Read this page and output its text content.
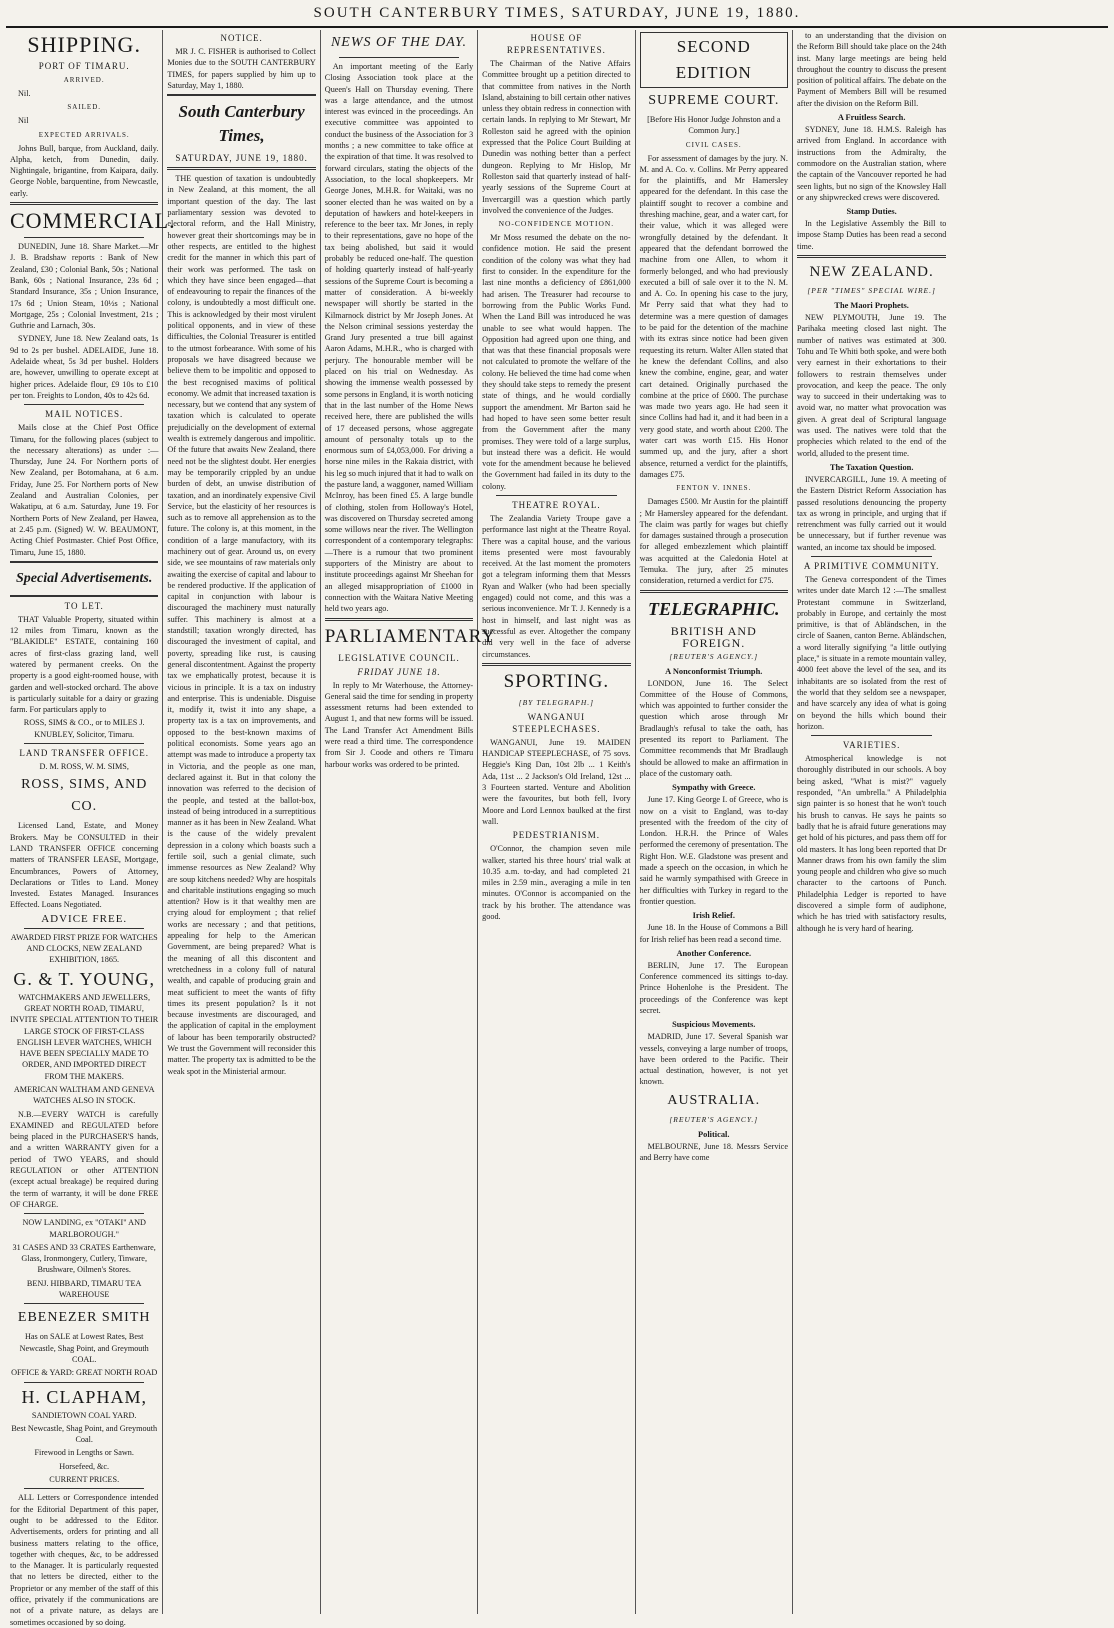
SOUTH CANTERBURY TIMES, SATURDAY, JUNE 19, 1880.
SHIPPING.
PORT OF TIMARU.
ARRIVED.

Nil.

SAILED.

Nil

EXPECTED ARRIVALS.

Johns Bull, barque, from Auckland, daily. Alpha, ketch, from Dunedin, daily. Nightingale, brigantine, from Kaipara, daily. George Noble, barquentine, from Newcastle, early.

COMMERCIAL.

DUNEDIN, June 18. Share Market.—Mr J. B. Bradshaw reports : Bank of New Zealand, £30 ; Colonial Bank, 50s ; National Bank, 60s ; National Insurance, 23s 6d ; Standard Insurance, 35s ; Union Insurance, 17s 6d ; Union Steam, 10½s ; National Mortgage, 25s ; Colonial Investment, 21s ; Guthrie and Larnach, 30s.

SYDNEY, June 18. New Zealand oats, 1s 9d to 2s per bushel. ADELAIDE, June 18. Adelaide wheat, 5s 3d per bushel. Holders are, however, unwilling to operate except at higher prices. Adelaide flour, £9 10s to £10 per ton. Freights to London, 40s to 42s 6d.

MAIL NOTICES.

Mails close at the Chief Post Office Timaru, for the following places (subject to the necessary alterations) as under :— Thursday, June 24. For Northern ports of New Zealand, per Botomahana, at 6 a.m. Friday, June 25. For Northern ports of New Zealand and Australian Colonies, per Wakatipu, at 6 a.m. Saturday, June 19. For Northern Ports of New Zealand, per Hawea, at 2.45 p.m. (Signed) W. W. BEAUMONT, Acting Chief Postmaster. Chief Post Office, Timaru, June 15, 1880.

Special Advertisements.
TO LET.

THAT Valuable Property, situated within 12 miles from Timaru, known as the "BLAKIDLE" ESTATE, containing 160 acres of first-class grazing land, well watered by permanent creeks. On the property is a good eight-roomed house, with garden and well-stocked orchard. The above is particularly suitable for a dairy or grazing farm. For particulars apply to

ROSS, SIMS & CO., or to MILES J. KNUBLEY, Solicitor, Timaru.

LAND TRANSFER OFFICE.

D. M. ROSS, W. M. SIMS,

ROSS, SIMS, AND CO.

Licensed Land, Estate, and Money Brokers. May be CONSULTED in their LAND TRANSFER OFFICE concerning matters of TRANSFER LEASE, Mortgage, Encumbrances, Powers of Attorney, Declarations or Titles to Land. Money Invested. Estates Managed. Insurances Effected. Loans Negotiated.

ADVICE FREE.

AWARDED FIRST PRIZE FOR WATCHES AND CLOCKS, NEW ZEALAND EXHIBITION, 1865.

G. & T. YOUNG,

WATCHMAKERS AND JEWELLERS, GREAT NORTH ROAD, TIMARU, INVITE SPECIAL ATTENTION TO THEIR LARGE STOCK OF FIRST-CLASS ENGLISH LEVER WATCHES, WHICH HAVE BEEN SPECIALLY MADE TO ORDER, AND IMPORTED DIRECT FROM THE MAKERS.

AMERICAN WALTHAM AND GENEVA WATCHES ALSO IN STOCK.

N.B.—EVERY WATCH is carefully EXAMINED and REGULATED before being placed in the PURCHASER'S hands, and a written WARRANTY given for a period of TWO YEARS, and should REGULATION or other ATTENTION (except actual breakage) be required during the term of warranty, it will be done FREE OF CHARGE.

NOW LANDING, ex "OTAKI" AND MARLBOROUGH."

31 CASES AND 33 CRATES Earthenware, Glass, Ironmongery, Cutlery, Tinware, Brushware, Oilmen's Stores.

BENJ. HIBBARD, TIMARU TEA WAREHOUSE

EBENEZER SMITH

Has on SALE at Lowest Rates, Best Newcastle, Shag Point, and Greymouth COAL.

OFFICE & YARD: GREAT NORTH ROAD

H. CLAPHAM,

SANDIETOWN COAL YARD.

Best Newcastle, Shag Point, and Greymouth Coal.

Firewood in Lengths or Sawn.

Horsefeed, &c.

CURRENT PRICES.

ALL Letters or Correspondence intended for the Editorial Department of this paper, ought to be addressed to the Editor. Advertisements, orders for printing and all business matters relating to the office, together with cheques, &c, to be addressed to the Manager. It is particularly requested that no letters be directed, either to the Proprietor or any member of the staff of this office, privately if the communications are not of a private nature, as delays are sometimes occasioned by so doing.

NOTICE.

MR J. C. FISHER is authorised to Collect Monies due to the SOUTH CANTERBURY TIMES, for papers supplied by him up to Saturday, May 1, 1880.

South Canterbury Times,
SATURDAY, JUNE 19, 1880.

THE question of taxation is undoubtedly in New Zealand, at this moment, the all important question of the day. The last parliamentary session was devoted to electoral reform, and the Hall Ministry, however great their shortcomings may be in other respects, are entitled to the highest credit for the manner in which this part of their work was performed. The task on which they have since been engaged—that of endeavouring to repair the finances of the colony, is undoubtedly a most difficult one. This is acknowledged by their most virulent political opponents, and in view of these difficulties, the Colonial Treasurer is entitled to the utmost forbearance. With some of his proposals we have disagreed because we believe them to be impolitic and opposed to the best recognised maxims of political economy. We admit that increased taxation is necessary, but we contend that any system of taxation which is calculated to operate prejudicially on the development of external wealth is extremely dangerous and impolitic. Of the future that awaits New Zealand, there need not be the slightest doubt. Her energies may be temporarily crippled by an undue burden of debt, an unwise distribution of taxation, and an inordinately expensive Civil Service, but the elasticity of her resources is such as to remove all apprehension as to the future. The colony is, at this moment, in the condition of a large manufactory, with its machinery out of gear. Around us, on every side, we see mountains of raw materials only awaiting the exercise of capital and labour to be rendered productive. If the application of capital in conjunction with labour is discouraged the machinery must naturally suffer. This machinery is almost at a standstill; taxation wrongly directed, has discouraged the investment of capital, and poverty, spreading like rust, is causing general discontentment. Against the property tax we emphatically protest, because it is vicious in principle. It is a tax on industry and enterprise. This is undeniable. Disguise it, modify it, twist it into any shape, a property tax is a tax on improvements, and opposed to the best-known maxims of political economists. Some years ago an attempt was made to introduce a property tax in Victoria, and the people as one man, declared against it. But in that colony the innovation was referred to the decision of the people, and tested at the ballot-box, instead of being introduced in a surreptitious manner as it has been in New Zealand. What is the cause of the widely prevalent depression in a colony which boasts such a fertile soil, such a genial climate, such immense resources as New Zealand? Why are soup kitchens needed? Why are hospitals and charitable institutions engaging so much attention? How is it that wealthy men are crying aloud for employment ; that relief works are necessary ; and that petitions, appealing for help to the American Government, are being prepared? What is the meaning of all this discontent and wretchedness in a colony full of natural wealth, and capable of producing grain and meat sufficient to meet the wants of fifty times its present population? Is it not because investments are discouraged, and the application of capital in the employment of labour has been temporarily obstructed? We trust the Government will reconsider this matter. The property tax is admitted to be the weak spot in the Ministerial armour.

NEWS OF THE DAY.

An important meeting of the Early Closing Association took place at the Queen's Hall on Thursday evening. There was a large attendance, and the utmost interest was evinced in the proceedings. An executive committee was appointed to conduct the business of the Association for 3 months ; a new committee to take office at the expiration of that time. It was resolved to forward circulars, stating the objects of the Association, to the local shopkeepers. Mr George Jones, M.H.R. for Waitaki, was no sooner elected than he was waited on by a deputation of hawkers and hotel-keepers in reference to the beer tax. Mr Jones, in reply to their representations, gave no hope of the tax being abolished, but said it would probably be reduced one-half. The question of holding quarterly instead of half-yearly sessions of the Supreme Court is becoming a matter of consideration. A bi-weekly newspaper will shortly be started in the Kilmarnock district by Mr Joseph Jones. At the Nelson criminal sessions yesterday the Grand Jury presented a true bill against Aaron Adams, M.H.R., who is charged with perjury. The honourable member will be placed on his trial on Wednesday. As showing the immense wealth possessed by some persons in England, it is worth noticing that in the last number of the Home News received here, there are published the wills of 17 deceased persons, whose aggregate amount of personalty totals up to the enormous sum of £4,053,000. For driving a horse nine miles in the Rakaia district, with his leg so much injured that it had to walk on the pasture land, a waggoner, named William McInroy, has been fined £5. A large bundle of clothing, stolen from Holloway's Hotel, was discovered on Thursday secreted among some willows near the river. The Wellington correspondent of a contemporary telegraphs:—There is a rumour that two prominent supporters of the Ministry are about to institute proceedings against Mr Sheehan for an alleged misappropriation of £1000 in connection with the Waitara Native Meeting held two years ago.

PARLIAMENTARY
LEGISLATIVE COUNCIL.
FRIDAY JUNE 18.

In reply to Mr Waterhouse, the Attorney-General said the time for sending in property assessment returns had been extended to August 1, and that new forms will be issued. The Land Transfer Act Amendment Bills were read a third time. The correspondence from Sir J. Coode and others re Timaru harbour works was ordered to be printed.

HOUSE OF REPRESENTATIVES.

The Chairman of the Native Affairs Committee brought up a petition directed to that committee from natives in the North Island, abstaining to bill certain other natives unless they obtain redress in connection with certain lands. In replying to Mr Stewart, Mr Rolleston said he agreed with the opinion expressed that the Police Court Building at Dunedin was nothing better than a perfect dungeon. Replying to Mr Hislop, Mr Rolleston said that quarterly instead of half-yearly sessions of the Supreme Court at Invercargill was a question which partly involved the convenience of the Judges.

NO-CONFIDENCE MOTION.

Mr Moss resumed the debate on the no-confidence motion. He said the present condition of the colony was what they had first to consider. In the expenditure for the last nine months a deficiency of £861,000 had arisen. The Treasurer had recourse to borrowing from the Public Works Fund. When the Land Bill was introduced he was unable to see what would happen. The Opposition had agreed upon one thing, and that was that these financial proposals were not calculated to promote the welfare of the colony. He believed the time had come when they should take steps to remedy the present state of things, and he would cordially support the amendment. Mr Barton said he had hoped to have seen some better result from the Government after the many promises. They were told of a large surplus, but instead there was a deficit. He would vote for the amendment because he believed the Government had failed in its duty to the colony.

THEATRE ROYAL.

The Zealandia Variety Troupe gave a performance last night at the Theatre Royal. There was a capital house, and the various items presented were most favourably received. At the last moment the promoters got a telegram informing them that Messrs Ryan and Walker (who had been specially engaged) could not come, and this was a serious inconvenience. Mr T. J. Kennedy is a host in himself, and last night was as successful as ever. Altogether the company did very well in the face of adverse circumstances.

SPORTING.
[BY TELEGRAPH.]
WANGANUI STEEPLECHASES.

WANGANUI, June 19. MAIDEN HANDICAP STEEPLECHASE, of 75 sovs. Heggie's King Dan, 10st 2lb ... 1 Keith's Ada, 11st ... 2 Jackson's Old Ireland, 12st ... 3 Fourteen started. Venture and Abolition were the favourites, but both fell, Ivory Moore and Lord Lennox baulked at the first wall.

PEDESTRIANISM.

O'Connor, the champion seven mile walker, started his three hours' trial walk at 10.35 a.m. to-day, and had completed 21 miles in 2.59 min., averaging a mile in ten minutes. O'Connor is accompanied on the track by his brother. The attendance was good.

SECOND EDITION
SUPREME COURT.

[Before His Honor Judge Johnston and a Common Jury.]

CIVIL CASES.

For assessment of damages by the jury. N. M. and A. Co. v. Collins. Mr Perry appeared for the plaintiffs, and Mr Hamersley appeared for the defendant. In this case the plaintiff sought to recover a combine and threshing machine, gear, and a water cart, for their value, which it was alleged were wrongfully detained by the defendant. It appeared that the defendant borrowed the machine from one Allen, to whom it formerly belonged, and who had previously executed a bill of sale over it to the N. M. and A. Co. In opening his case to the jury, Mr Perry said that what they had to determine was a mere question of damages to be paid for the detention of the machine with its extras since notice had been given requesting its return. Walter Allen stated that he knew the defendant Collins, and also knew the combine, engine, gear, and water cart detained. Originally purchased the combine at the price of £600. The purchase was made two years ago. He had seen it since Collins had had it, and it had been in a very good state, and worth about £200. The water cart was worth £15. His Honor summed up, and the jury, after a short absence, returned a verdict for the plaintiffs, damages £75.

FENTON V. INNES.

Damages £500. Mr Austin for the plaintiff ; Mr Hamersley appeared for the defendant. The claim was partly for wages but chiefly for damages sustained through a prosecution for alleged embezzlement which plaintiff was acquitted at the Caledonia Hotel at Temuka. The jury, after 25 minutes consideration, returned a verdict for £75.

TELEGRAPHIC.
BRITISH AND FOREIGN.
[REUTER'S AGENCY.]
A Nonconformist Triumph.

LONDON, June 16. The Select Committee of the House of Commons, which was appointed to further consider the question which arose through Mr Bradlaugh's refusal to take the oath, has presented its report to Parliament. The Committee recommends that Mr Bradlaugh should be allowed to make an affirmation in place of the customary oath.

Sympathy with Greece.

June 17. King George I. of Greece, who is now on a visit to England, was to-day presented with the freedom of the city of London. H.R.H. the Prince of Wales performed the ceremony of presentation. The Right Hon. W.E. Gladstone was present and made a speech on the occasion, in which he said he warmly sympathised with Greece in her difficulties with Turkey in regard to the frontier question.

Irish Relief.

June 18. In the House of Commons a Bill for Irish relief has been read a second time.

Another Conference.

BERLIN, June 17. The European Conference commenced its sittings to-day. Prince Hohenlohe is the President. The proceedings of the Conference was kept secret.

Suspicious Movements.

MADRID, June 17. Several Spanish war vessels, conveying a large number of troops, have been ordered to the Pacific. Their actual destination, however, is not yet known.

AUSTRALIA.
[REUTER'S AGENCY.]
Political.

MELBOURNE, June 18. Messrs Service and Berry have come

to an understanding that the division on the Reform Bill should take place on the 24th inst. Many large meetings are being held throughout the country to discuss the present position of political affairs. The debate on the Payment of Members Bill will be resumed after the division on the Reform Bill.

A Fruitless Search.

SYDNEY, June 18. H.M.S. Raleigh has arrived from England. In accordance with instructions from the Admiralty, the commodore on the Australian station, where the captain of the Vancouver reported he had seen lights, but no sign of the Knowsley Hall or any shipwrecked crews were discovered.

Stamp Duties.

In the Legislative Assembly the Bill to impose Stamp Duties has been read a second time.

NEW ZEALAND.
[PER "TIMES" SPECIAL WIRE.]
The Maori Prophets.

NEW PLYMOUTH, June 19. The Parihaka meeting closed last night. The number of natives was estimated at 300. Tohu and Te Whiti both spoke, and were both very earnest in their exhortations to their followers to restrain themselves under provocation, and keep the peace. The only way to succeed in their undertaking was to avoid war, no matter what provocation was given. A great deal of Scriptural language was used. The natives were told that the prophecies which related to the end of the world, alluded to the present time.

The Taxation Question.

INVERCARGILL, June 19. A meeting of the Eastern District Reform Association has passed resolutions denouncing the property tax as wrong in principle, and urging that if retrenchment was fully carried out it would be unnecessary, but if further revenue was wanted, an income tax should be imposed.

A PRIMITIVE COMMUNITY.

The Geneva correspondent of the Times writes under date March 12 :—The smallest Protestant commune in Switzerland, probably in Europe, and certainly the most primitive, is that of Abländschen, in the circle of Saanen, canton Berne. Abländschen, a word literally signifying "a little outlying place," is situate in a remote mountain valley, 4000 feet above the level of the sea, and its inhabitants are so isolated from the rest of the world that they seldom see a newspaper, and have scarcely any idea of what is going on beyond the hills which bound their horizon.

VARIETIES.

Atmospherical knowledge is not thoroughly distributed in our schools. A boy being asked, "What is mist?" vaguely responded, "An umbrella." A Philadelphia sign painter is so honest that he won't touch his brush to canvas. He says he paints so badly that he is afraid future generations may get hold of his pictures, and pass them off for old masters. It has long been reported that Dr Manner draws from his own family the slim young people and children who give so much character to the cartoons of Punch. Philadelphia Ledger is reported to have discovered a simple form of audiphone, which he has tried with satisfactory results, although he is very hard of hearing.
